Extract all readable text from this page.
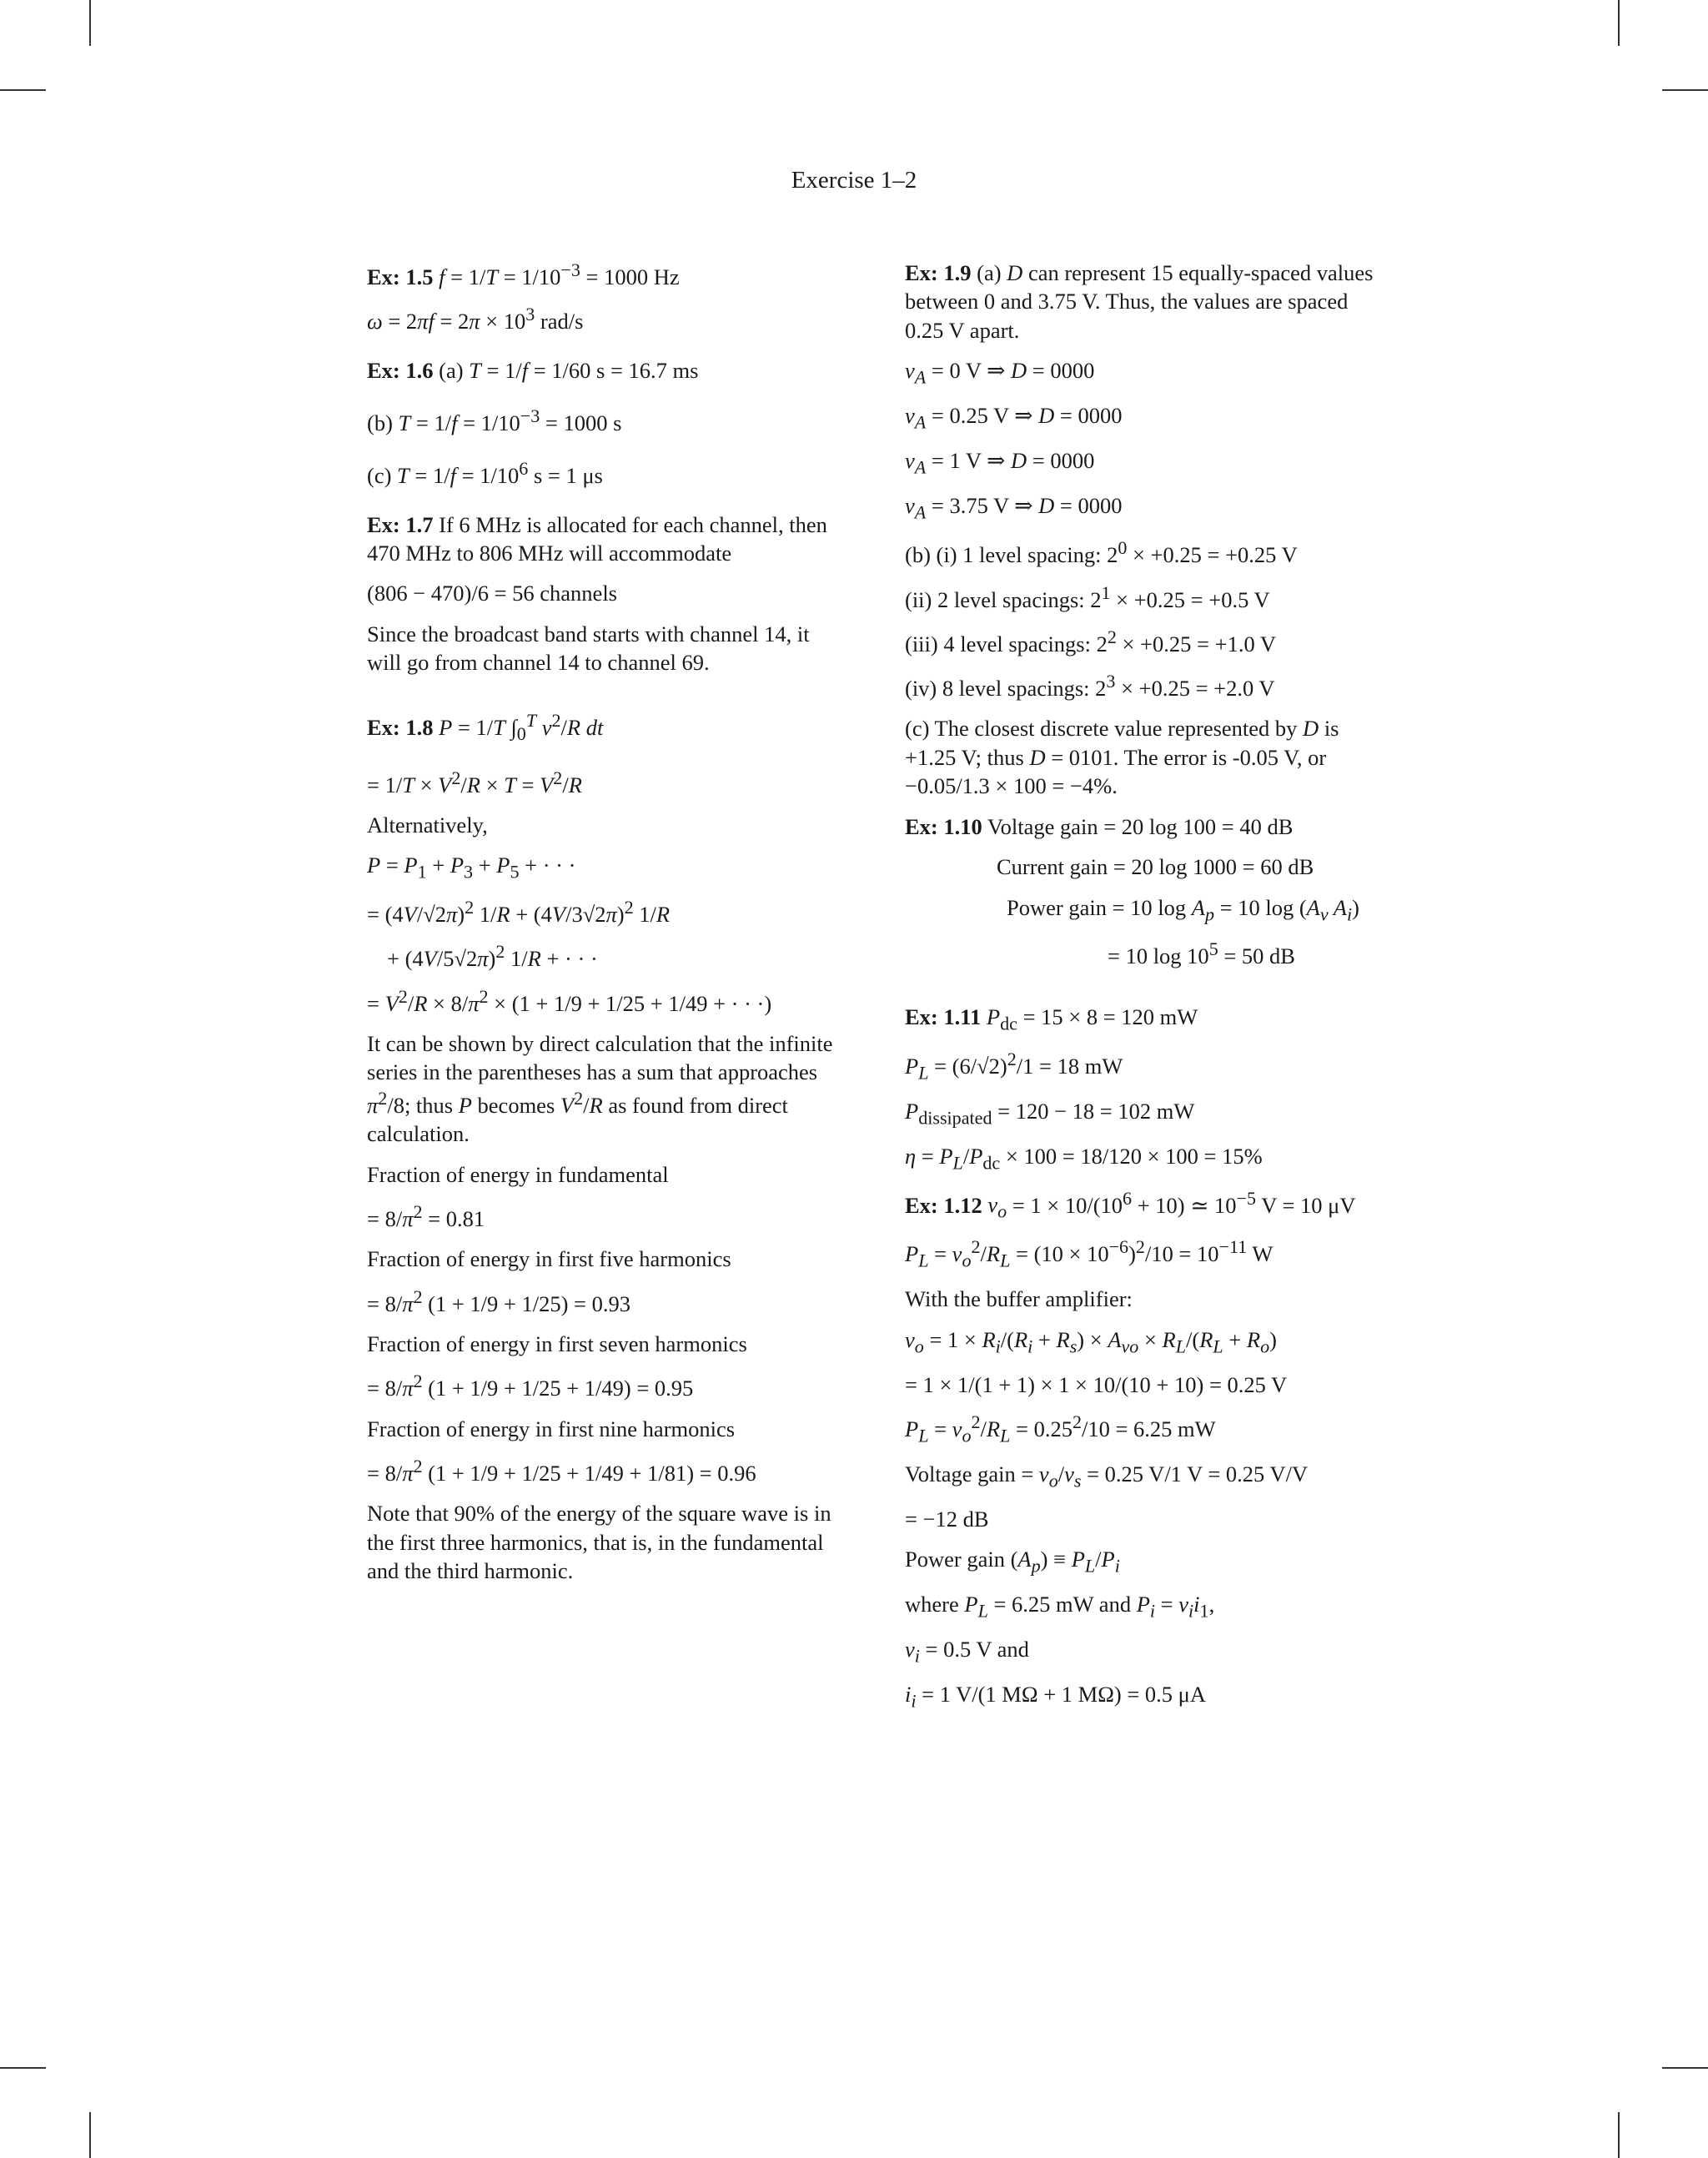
Exercise 1–2
Ex: 1.5 $f = 1/T = 1/10^{-3} = 1000$ Hz
$\omega = 2\pi f = 2\pi \times 10^3$ rad/s
Ex: 1.6 (a) T = 1/f = 1/60 s = 16.7 ms
(b) $T = 1/f = 1/10^{-3} = 1000$ s
(c) $T = 1/f = 1/10^6$ s = 1 μs
Ex: 1.7 If 6 MHz is allocated for each channel, then 470 MHz to 806 MHz will accommodate
(806 − 470)/6 = 56 channels
Since the broadcast band starts with channel 14, it will go from channel 14 to channel 69.
Ex: 1.8 P = 1/T $\int_0^T$ $v^2/R$ dt
= $1/T \times V^2/R \times T = V^2/R$
Alternatively,
$P = P_1 + P_3 + P_5$ + · · ·
= $(4V/√2\pi)^2$ $1/R + (4V/3√2\pi)^2$ 1/R
+ $(4V/5√2\pi)^2$ 1/R + · · ·
= $V^2/R \times 8/\pi^2 \times (1 + 1/9 + 1/25 + 1/49$ + · · ·)
It can be shown by direct calculation that the infinite series in the parentheses has a sum that approaches $\pi^2/8$; thus P becomes $V^2/R$ as found from direct calculation.
Fraction of energy in fundamental
= $8/\pi^2 = 0.81$
Fraction of energy in first five harmonics
= $8/\pi^2$ (1 + 1/9 + 1/25) = 0.93
Fraction of energy in first seven harmonics
= $8/\pi^2$ (1 + 1/9 + 1/25 + 1/49) = 0.95
Fraction of energy in first nine harmonics
= $8/\pi^2$ (1 + 1/9 + 1/25 + 1/49 + 1/81) = 0.96
Note that 90% of the energy of the square wave is in the first three harmonics, that is, in the fundamental and the third harmonic.
Ex: 1.9 (a) D can represent 15 equally-spaced values between 0 and 3.75 V. Thus, the values are spaced 0.25 V apart.
$v_A = 0$ V ⇒ D = 0000
$v_A = 0.25$ V ⇒ D = 0000
$v_A = 1$ V ⇒ D = 0000
$v_A = 3.75$ V ⇒ D = 0000
(b) (i) 1 level spacing: $2^0 \times +0.25 = +0.25$ V
(ii) 2 level spacings: $2^1 \times +0.25 = +0.5$ V
(iii) 4 level spacings: $2^2 \times +0.25 = +1.0$ V
(iv) 8 level spacings: $2^3 \times +0.25 = +2.0$ V
(c) The closest discrete value represented by D is +1.25 V; thus D = 0101. The error is -0.05 V, or −0.05/1.3 × 100 = −4%.
Ex: 1.10 Voltage gain = 20 log 100 = 40 dB
Current gain = 20 log 1000 = 60 dB
Power gain = 10 $\log A_p = 10$ $\log (A_v$ $A_i$)
= 10 $\log 10^5 = 50$ dB
Ex: 1.11 $P_{dc} = 15 \times 8 = 120$ mW
$P_L = (6/√2)^2/1 = 18$ mW
$P_{dissipated} = 120 - 18 = 102$ mW
$\eta = P_L/P_{dc} \times 100 = 18/120 \times 100 = 15\%$
Ex: 1.12 $v_o = 1 \times 10/(10^6 + 10)$ ≃ $10^{-5}$ V = 10 μV
$P_L = v_o^2/R_L = (10 \times 10^{-6})^2/10 = 10^{-11}$ W
With the buffer amplifier:
$v_o = 1 \times R_i/(R_i + R_s) \times A_{vo} \times R_L/(R_L + R_o)$
= 1 × 1/(1 + 1) × 1 × 10/(10 + 10) = 0.25 V
$P_L = v_o^2/R_L = 0.25^2/10 = 6.25$ mW
Voltage gain = $v_o/v_s = 0.25$ V/1 V = 0.25 V/V
= −12 dB
Power gain $(A_p) \equiv P_L/P_i$
where $P_L = 6.25$ mW and $P_i = v_ii_1$,
$v_i = 0.5$ V and
$i_i = 1$ V/(1 MΩ + 1 MΩ) = 0.5 μA
